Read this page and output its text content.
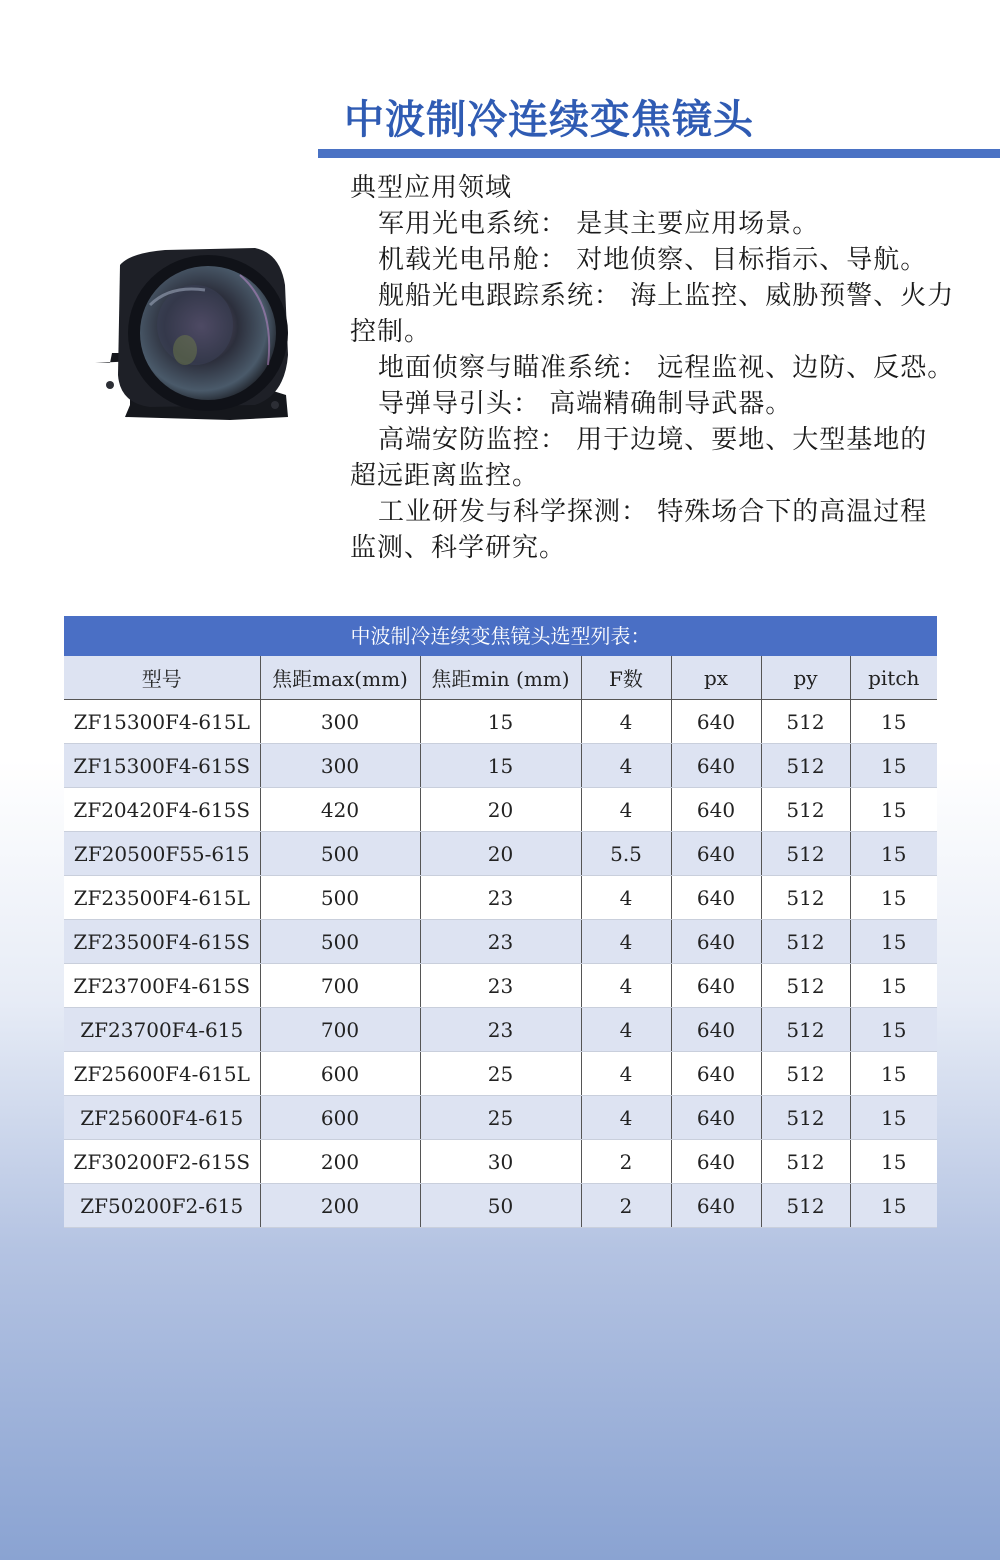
中波制冷连续变焦镜头

典型应用领域

军用光电系统： 是其主要应用场景。

机载光电吊舱： 对地侦察、目标指示、导航。

舰船光电跟踪系统： 海上监控、威胁预警、火力

控制。

地面侦察与瞄准系统： 远程监视、边防、反恐。

导弹导引头： 高端精确制导武器。

高端安防监控： 用于边境、要地、大型基地的

超远距离监控。

工业研发与科学探测： 特殊场合下的高温过程

监测、科学研究。

中波制冷连续变焦镜头选型列表：
型号	焦距max(mm)	焦距min (mm)	F数	px	py	pitch
ZF15300F4-615L	300	15	4	640	512	15
ZF15300F4-615S	300	15	4	640	512	15
ZF20420F4-615S	420	20	4	640	512	15
ZF20500F55-615	500	20	5.5	640	512	15
ZF23500F4-615L	500	23	4	640	512	15
ZF23500F4-615S	500	23	4	640	512	15
ZF23700F4-615S	700	23	4	640	512	15
ZF23700F4-615	700	23	4	640	512	15
ZF25600F4-615L	600	25	4	640	512	15
ZF25600F4-615	600	25	4	640	512	15
ZF30200F2-615S	200	30	2	640	512	15
ZF50200F2-615	200	50	2	640	512	15
